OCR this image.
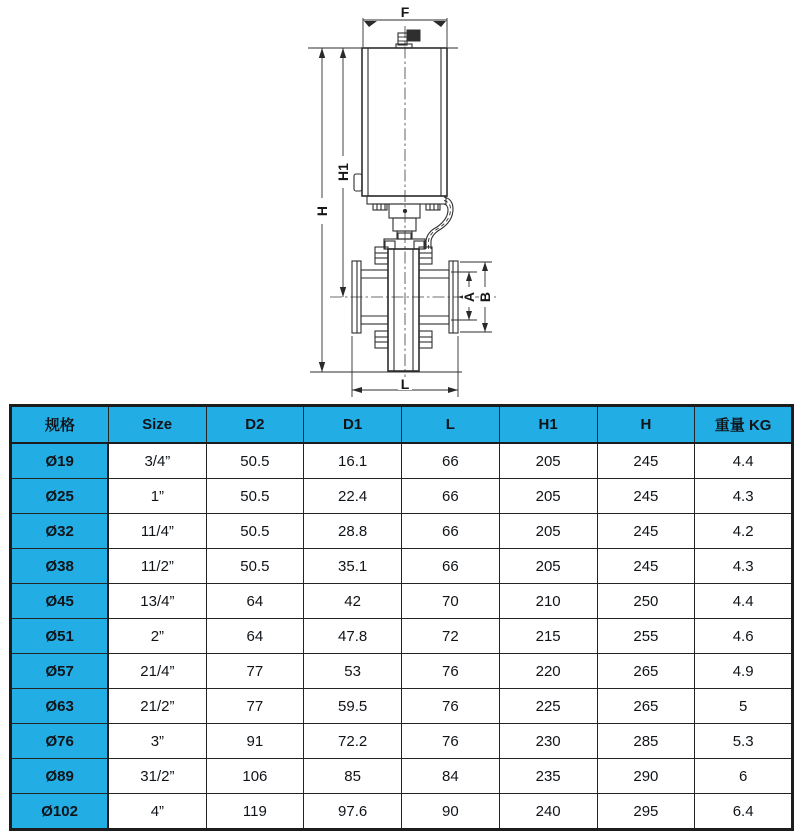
F
H1
H
L
A B
规格	Size	D2	D1	L	H1	H	重量 KG
Ø19	3/4”	50.5	16.1	66	205	245	4.4
Ø25	1”	50.5	22.4	66	205	245	4.3
Ø32	11/4”	50.5	28.8	66	205	245	4.2
Ø38	11/2”	50.5	35.1	66	205	245	4.3
Ø45	13/4”	64	42	70	210	250	4.4
Ø51	2”	64	47.8	72	215	255	4.6
Ø57	21/4”	77	53	76	220	265	4.9
Ø63	21/2”	77	59.5	76	225	265	5
Ø76	3”	91	72.2	76	230	285	5.3
Ø89	31/2”	106	85	84	235	290	6
Ø102	4”	119	97.6	90	240	295	6.4
